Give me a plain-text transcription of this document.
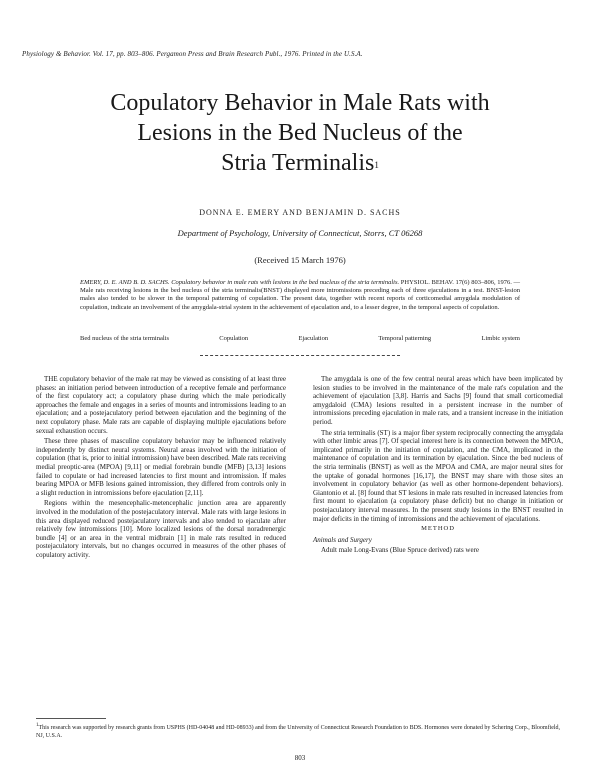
Physiology & Behavior. Vol. 17, pp. 803–806. Pergamon Press and Brain Research Publ., 1976. Printed in the U.S.A.
Copulatory Behavior in Male Rats with
Lesions in the Bed Nucleus of the
Stria Terminalis$^1$
DONNA E. EMERY AND BENJAMIN D. SACHS
Department of Psychology, University of Connecticut, Storrs, CT 06268
(Received 15 March 1976)
EMERY, D. E. AND B. D. SACHS. Copulatory behavior in male rats with lesions in the bed nucleus of the stria terminalis. PHYSIOL. BEHAV. 17(6) 803–806, 1976. — Male rats receiving lesions in the bed nucleus of the stria terminalis(BNST) displayed more intromissions preceding each of three ejaculations in a test. BNST-lesion males also tended to be slower in the temporal patterning of copulation. The present data, together with recent reports of corticomedial amygdala modulation of copulation, indicate an involvement of the amygdala-strial system in the achievement of ejaculation and, to a lesser degree, in the temporal aspects of copulation.
Bed nucleus of the stria terminalis	Copulation	Ejaculation	Temporal patterning	Limbic system

THE copulatory behavior of the male rat may be viewed as consisting of at least three phases: an initiation period between introduction of a receptive female and performance of the first copulatory act; a copulatory phase during which the male periodically approaches the female and engages in a series of mounts and intromissions leading to an ejaculation; and a postejaculatory period between ejaculation and the beginning of the next copulatory phase. Male rats are capable of displaying multiple ejaculations before sexual exhaustion occurs.

These three phases of masculine copulatory behavior may be influenced relatively independently by distinct neural systems. Neural areas involved with the initiation of copulation (that is, prior to initial intromission) have been described. Male rats receiving medial preoptic-area (MPOA) [9,11] or medial forebrain bundle (MFB) [3,13] lesions failed to copulate or had increased latencies to first mount and intromission. If males bearing MPOA or MFB lesions gained intromission, they differed from controls only in a slight reduction in intromissions before ejaculation [2,11].

Regions within the mesencephalic-metencephalic junction area are apparently involved in the modulation of the postejaculatory interval. Male rats with large lesions in this area displayed reduced postejaculatory intervals and also tended to ejaculate after relatively few intromissions [10]. More localized lesions of the dorsal noradrenergic bundle [4] or an area in the ventral midbrain [1] in male rats resulted in reduced postejaculatory intervals, but no changes occurred in measures of the other phases of copulatory activity.

The amygdala is one of the few central neural areas which have been implicated by lesion studies to be involved in the maintenance of the male rat's copulation and the achievement of ejaculation [3,8]. Harris and Sachs [9] found that small corticomedial amygdaloid (CMA) lesions resulted in a persistent increase in the number of intromissions preceding ejaculation in male rats, and a transient increase in the initiation period.

The stria terminalis (ST) is a major fiber system reciprocally connecting the amygdala with other limbic areas [7]. Of special interest here is its connection between the MPOA, implicated primarily in the initiation of copulation, and the CMA, implicated in the maintenance of copulation and its termination by ejaculation. Since the bed nucleus of the stria terminalis (BNST) as well as the MPOA and CMA, are major neural sites for the uptake of gonadal hormones [16,17], the BNST may share with those sites an involvement in copulatory behavior (as well as other hormone-dependent behaviors). Giantonio et al. [8] found that ST lesions in male rats resulted in increased latencies from first mount to ejaculation (a copulatory phase deficit) but no change in initiation or postejaculatory interval measures. In the present study lesions in the BNST resulted in major deficits in the timing of intromissions and the achievement of ejaculations.

METHOD

Animals and Surgery

Adult male Long-Evans (Blue Spruce derived) rats were

$^1$This research was supported by research grants from USPHS (HD-04048 and HD-08933) and from the University of Connecticut Research Foundation to BDS. Hormones were donated by Schering Corp., Bloomfield, NJ, U.S.A.
803
